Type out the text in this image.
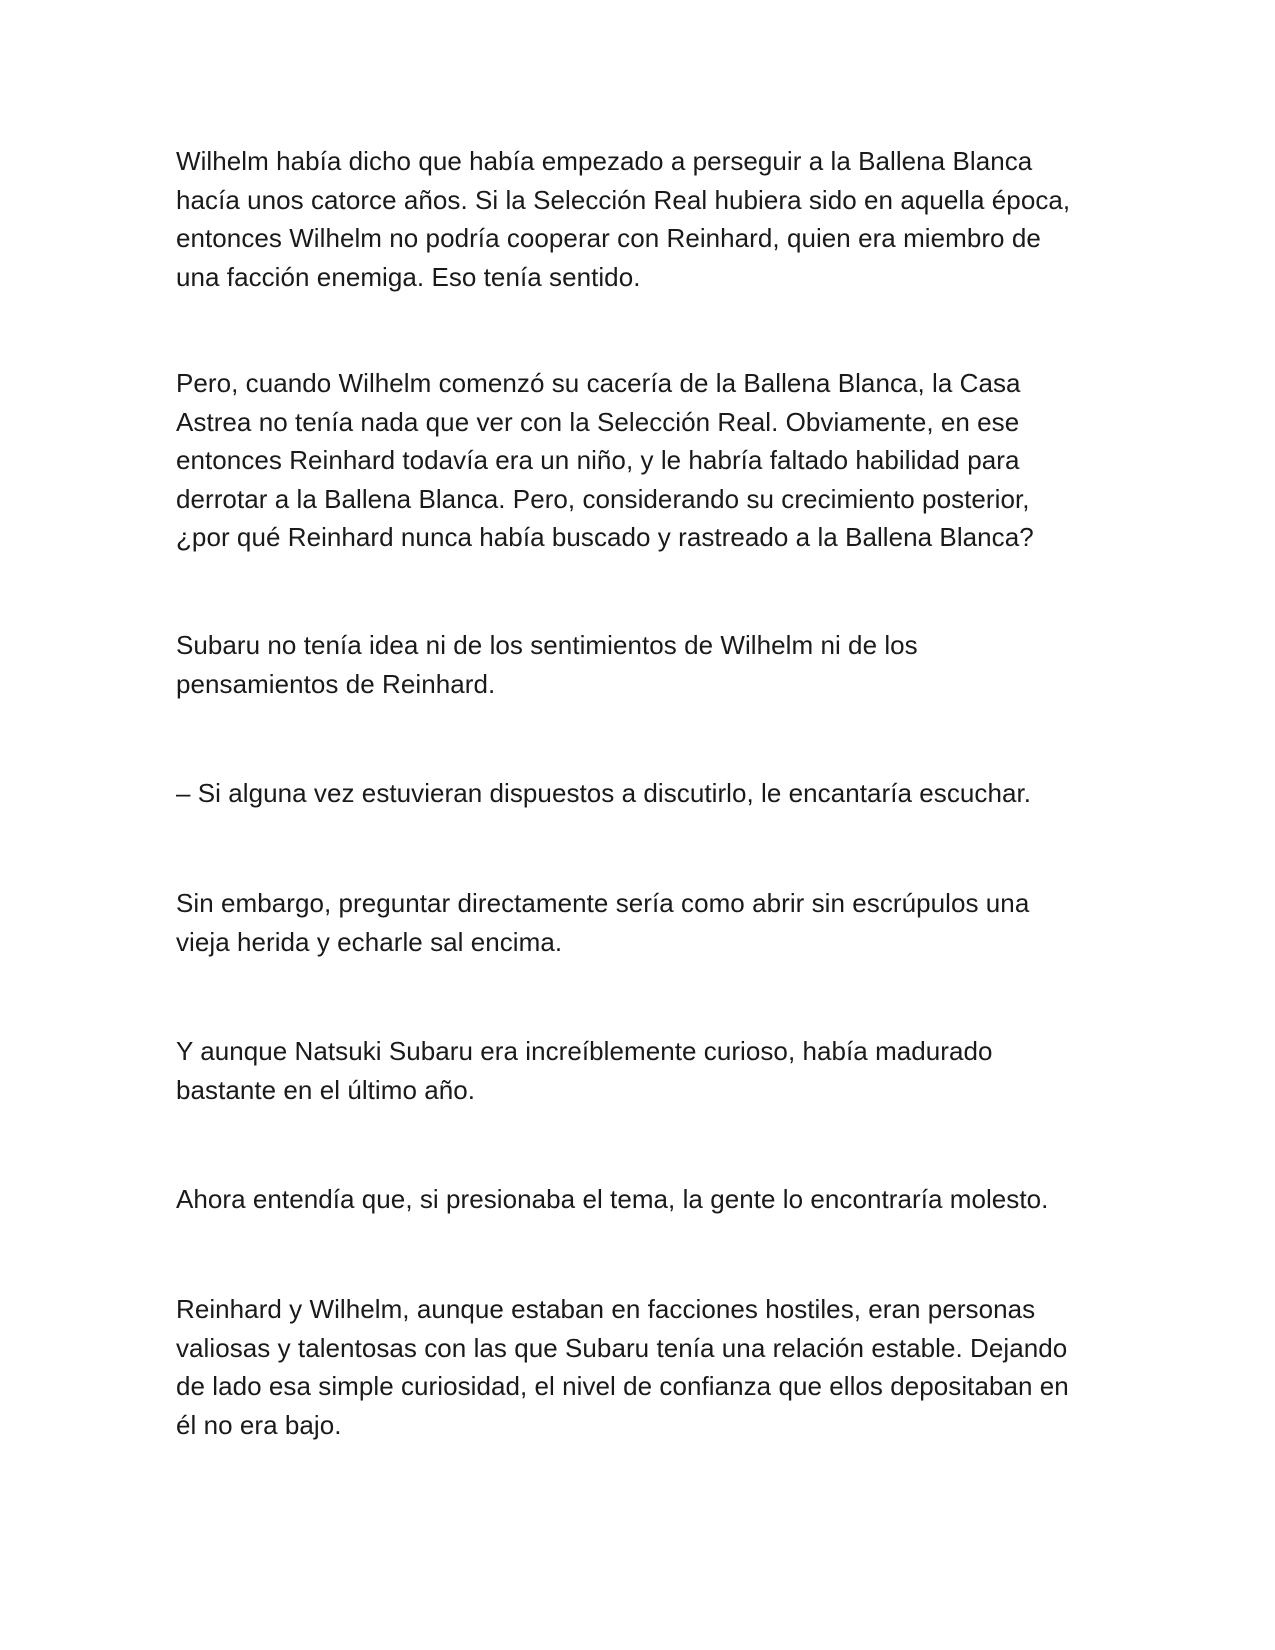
Wilhelm había dicho que había empezado a perseguir a la Ballena Blanca
hacía unos catorce años. Si la Selección Real hubiera sido en aquella época,
entonces Wilhelm no podría cooperar con Reinhard, quien era miembro de
una facción enemiga. Eso tenía sentido.

Pero, cuando Wilhelm comenzó su cacería de la Ballena Blanca, la Casa
Astrea no tenía nada que ver con la Selección Real. Obviamente, en ese
entonces Reinhard todavía era un niño, y le habría faltado habilidad para
derrotar a la Ballena Blanca. Pero, considerando su crecimiento posterior,
¿por qué Reinhard nunca había buscado y rastreado a la Ballena Blanca?

Subaru no tenía idea ni de los sentimientos de Wilhelm ni de los
pensamientos de Reinhard.

– Si alguna vez estuvieran dispuestos a discutirlo, le encantaría escuchar.

Sin embargo, preguntar directamente sería como abrir sin escrúpulos una
vieja herida y echarle sal encima.

Y aunque Natsuki Subaru era increíblemente curioso, había madurado
bastante en el último año.

Ahora entendía que, si presionaba el tema, la gente lo encontraría molesto.

Reinhard y Wilhelm, aunque estaban en facciones hostiles, eran personas
valiosas y talentosas con las que Subaru tenía una relación estable. Dejando
de lado esa simple curiosidad, el nivel de confianza que ellos depositaban en
él no era bajo.
